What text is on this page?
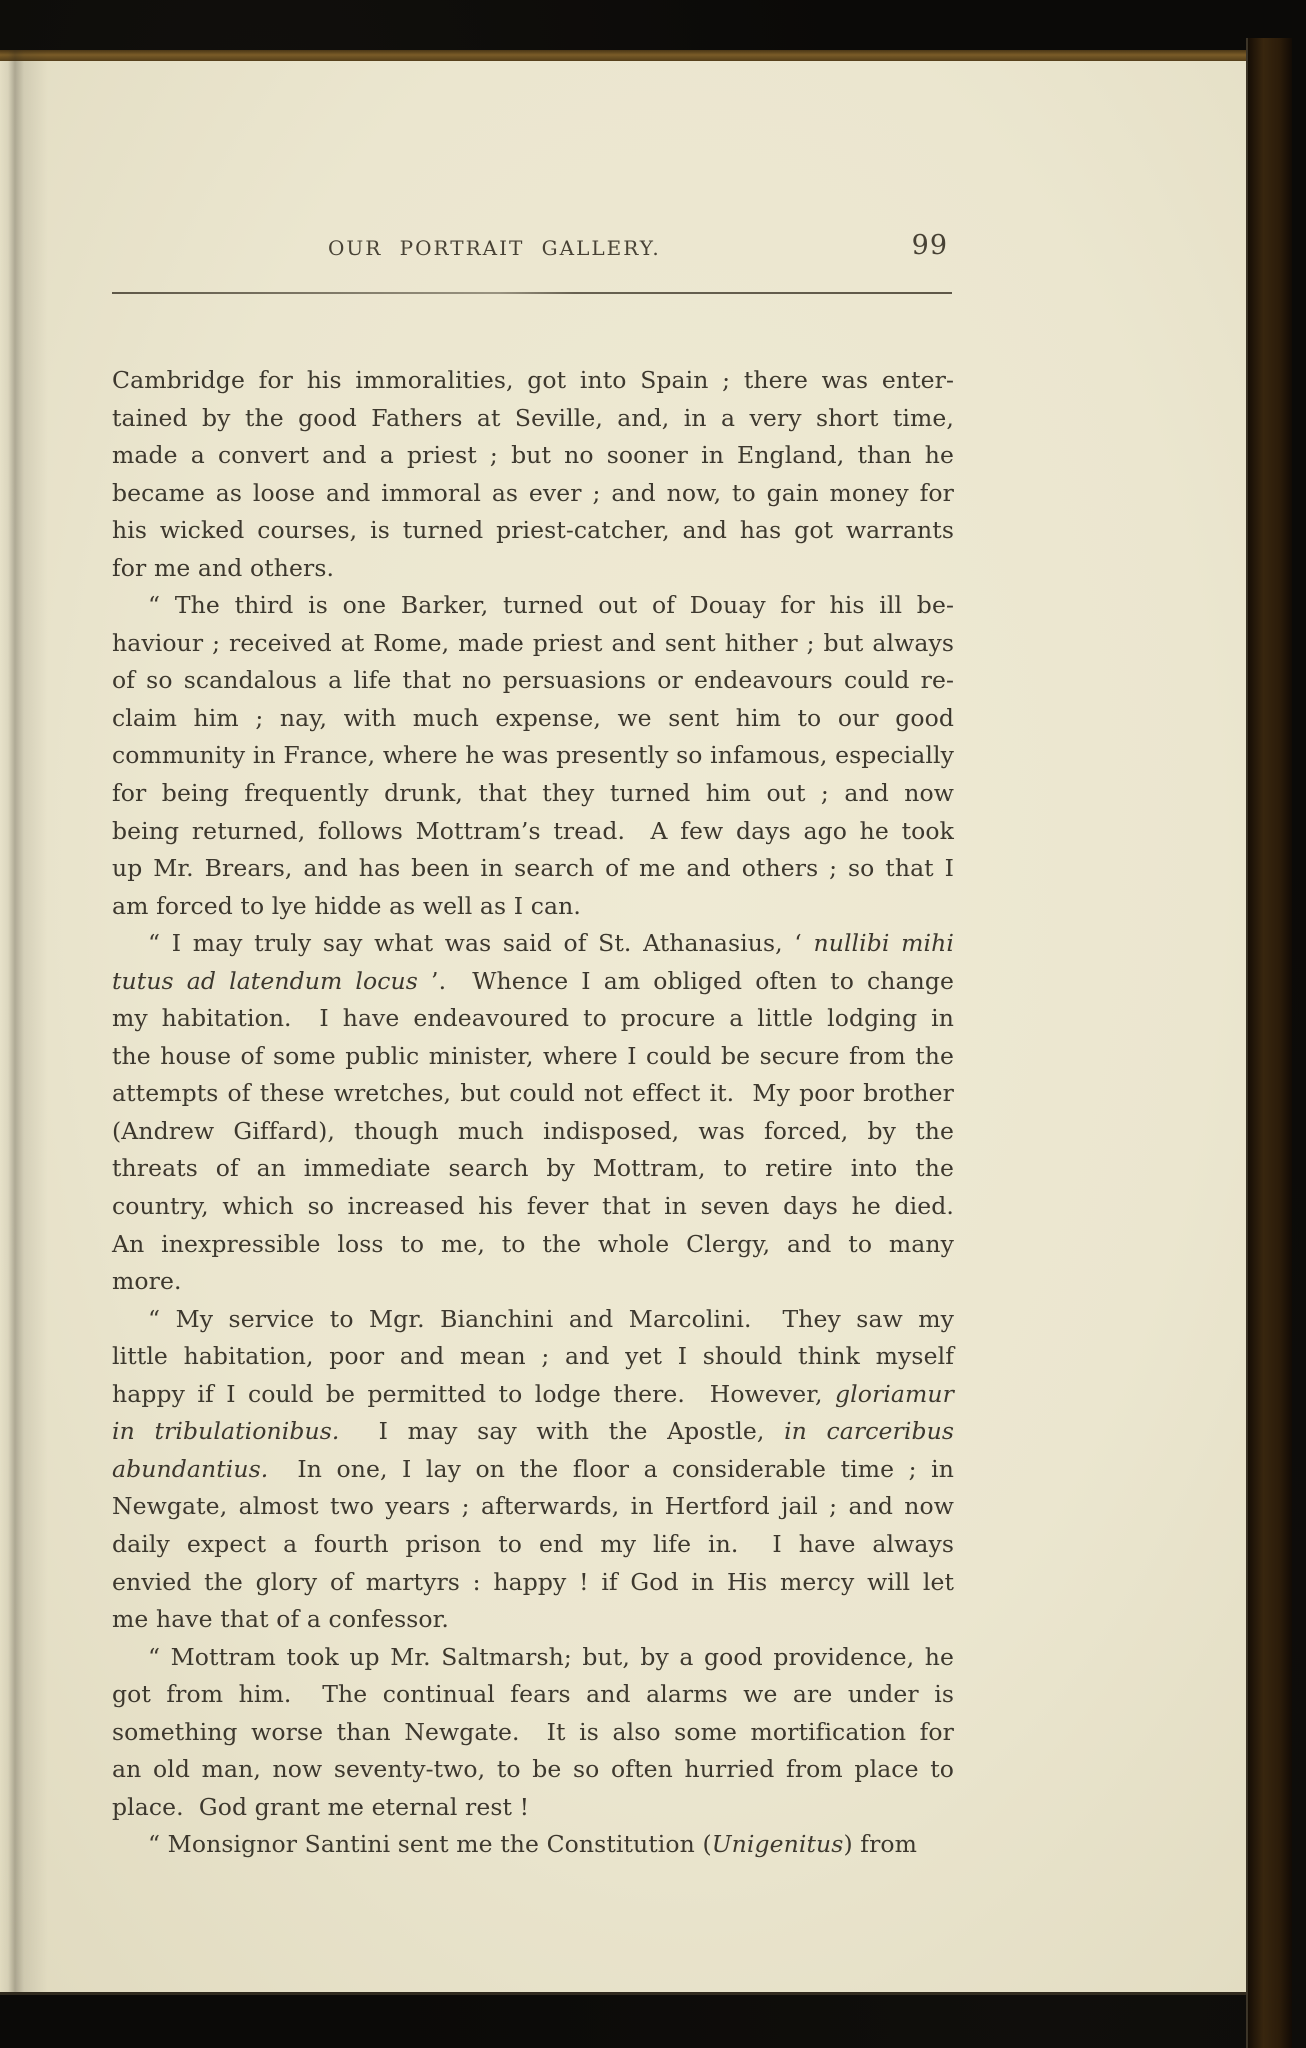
OUR PORTRAIT GALLERY.	99
Cambridge for his immoralities, got into Spain ; there was enter-
tained by the good Fathers at Seville, and, in a very short time,
made a convert and a priest ; but no sooner in England, than he
became as loose and immoral as ever ; and now, to gain money for
his wicked courses, is turned priest-catcher, and has got warrants
for me and others.
“ The third is one Barker, turned out of Douay for his ill be-
haviour ; received at Rome, made priest and sent hither ; but always
of so scandalous a life that no persuasions or endeavours could re-
claim him ; nay, with much expense, we sent him to our good
community in France, where he was presently so infamous, especially
for being frequently drunk, that they turned him out ; and now
being returned, follows Mottram’s tread.  A few days ago he took
up Mr. Brears, and has been in search of me and others ; so that I
am forced to lye hidde as well as I can.
“ I may truly say what was said of St. Athanasius, ‘ nullibi mihi
tutus ad latendum locus ’.  Whence I am obliged often to change
my habitation.  I have endeavoured to procure a little lodging in
the house of some public minister, where I could be secure from the
attempts of these wretches, but could not effect it.  My poor brother
(Andrew Giffard), though much indisposed, was forced, by the
threats of an immediate search by Mottram, to retire into the
country, which so increased his fever that in seven days he died.
An inexpressible loss to me, to the whole Clergy, and to many
more.
“ My service to Mgr. Bianchini and Marcolini.  They saw my
little habitation, poor and mean ; and yet I should think myself
happy if I could be permitted to lodge there.  However, gloriamur
in tribulationibus.  I may say with the Apostle, in carceribus
abundantius.  In one, I lay on the floor a considerable time ; in
Newgate, almost two years ; afterwards, in Hertford jail ; and now
daily expect a fourth prison to end my life in.  I have always
envied the glory of martyrs : happy ! if God in His mercy will let
me have that of a confessor.
“ Mottram took up Mr. Saltmarsh; but, by a good providence, he
got from him.  The continual fears and alarms we are under is
something worse than Newgate.  It is also some mortification for
an old man, now seventy-two, to be so often hurried from place to
place.  God grant me eternal rest !
“ Monsignor Santini sent me the Constitution (Unigenitus) from
